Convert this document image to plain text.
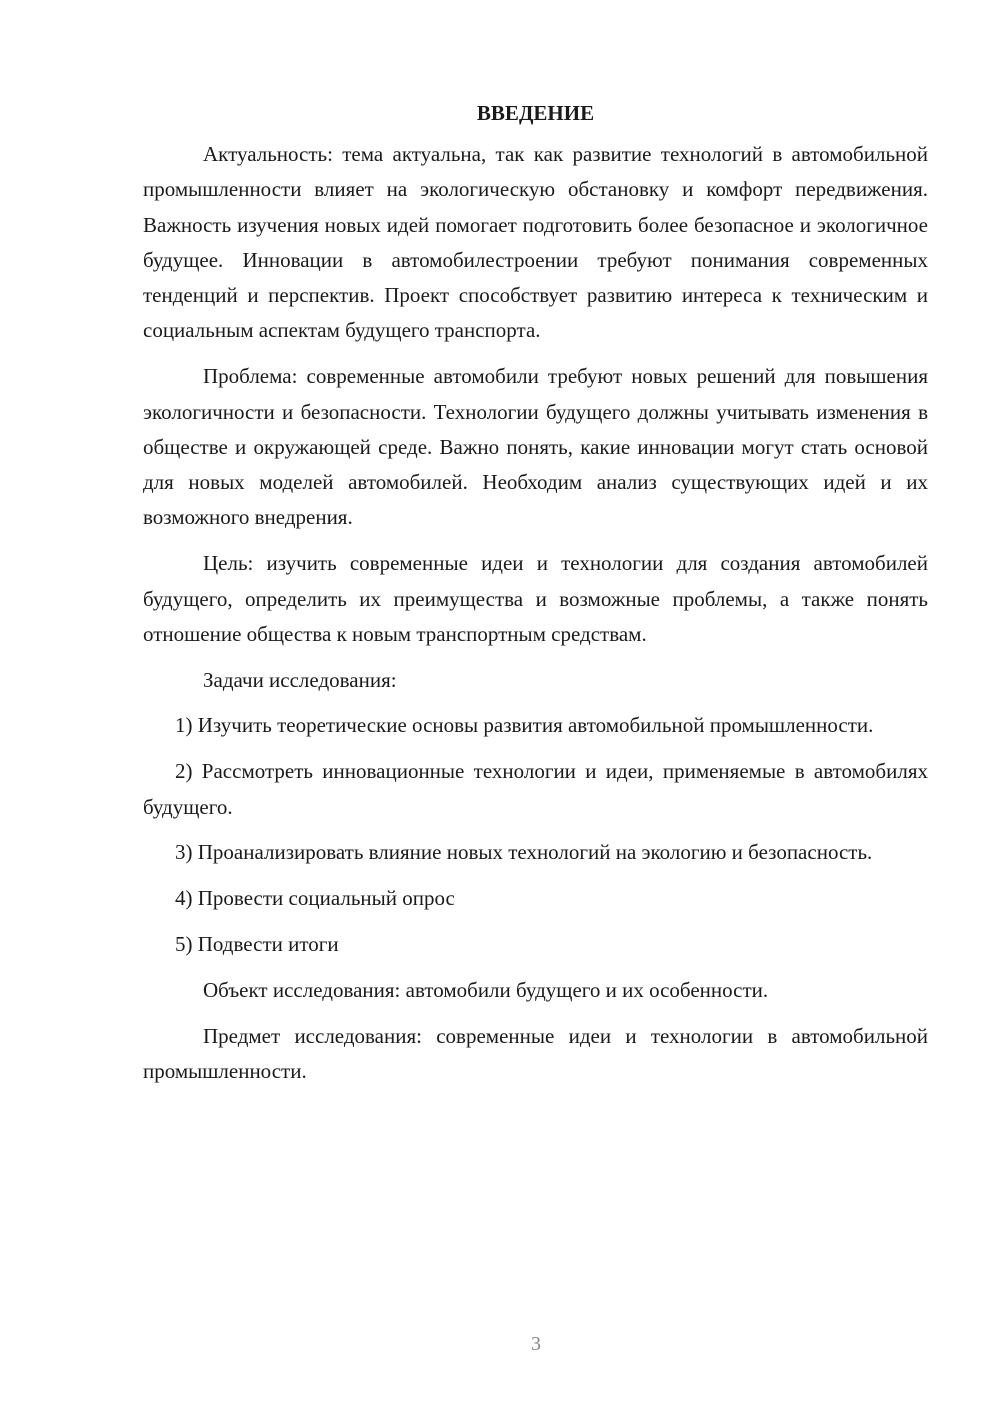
ВВЕДЕНИЕ

Актуальность: тема актуальна, так как развитие технологий в автомобильной промышленности влияет на экологическую обстановку и комфорт передвижения. Важность изучения новых идей помогает подготовить более безопасное и экологичное будущее. Инновации в автомобилестроении требуют понимания современных тенденций и перспектив. Проект способствует развитию интереса к техническим и социальным аспектам будущего транспорта.

Проблема: современные автомобили требуют новых решений для повышения экологичности и безопасности. Технологии будущего должны учитывать изменения в обществе и окружающей среде. Важно понять, какие инновации могут стать основой для новых моделей автомобилей. Необходим анализ существующих идей и их возможного внедрения.

Цель: изучить современные идеи и технологии для создания автомобилей будущего, определить их преимущества и возможные проблемы, а также понять отношение общества к новым транспортным средствам.

Задачи исследования:

1) Изучить теоретические основы развития автомобильной промышленности.

2) Рассмотреть инновационные технологии и идеи, применяемые в автомобилях будущего.

3) Проанализировать влияние новых технологий на экологию и безопасность.

4) Провести социальный опрос

5) Подвести итоги

Объект исследования: автомобили будущего и их особенности.

Предмет исследования: современные идеи и технологии в автомобильной промышленности.

3
